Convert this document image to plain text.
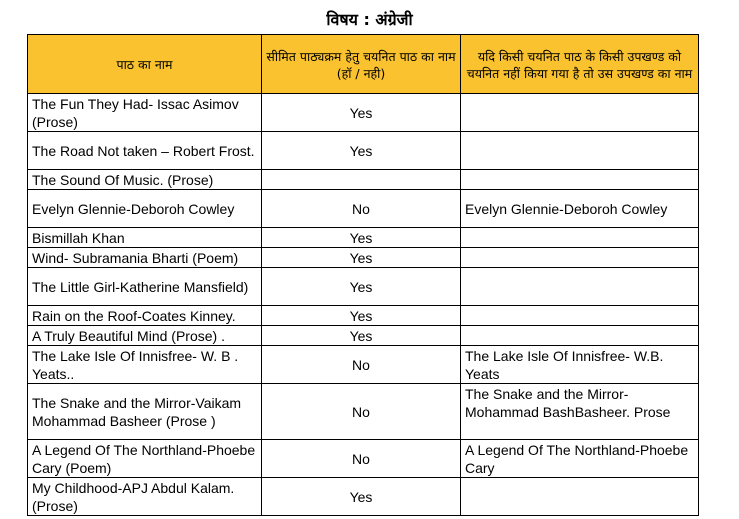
विषय : अंग्रेजी
पाठ का नाम	सीमित पाठ्यक्रम हेतु चयनित पाठ का नाम (हॉ / नही)	यदि किसी चयनित पाठ के किसी उपखण्ड को चयनित नहीं किया गया है तो उस उपखण्ड का नाम
The Fun They Had- Issac Asimov (Prose)	Yes	
The Road Not taken – Robert Frost.	Yes	
The Sound Of Music. (Prose)		
Evelyn Glennie-Deboroh Cowley	No	Evelyn Glennie-Deboroh Cowley
Bismillah Khan	Yes	
Wind- Subramania Bharti (Poem)	Yes	
The Little Girl-Katherine Mansfield)	Yes	
Rain on the Roof-Coates Kinney.	Yes	
A Truly Beautiful Mind (Prose) .	Yes	
The Lake Isle Of Innisfree- W. B . Yeats..	No	The Lake Isle Of Innisfree- W.B. Yeats
The Snake and the Mirror-Vaikam Mohammad Basheer (Prose )	No	The Snake and the Mirror-Mohammad BashBasheer. Prose
A Legend Of The Northland-Phoebe Cary (Poem)	No	A Legend Of The Northland-Phoebe Cary
My Childhood-APJ Abdul Kalam. (Prose)	Yes	
